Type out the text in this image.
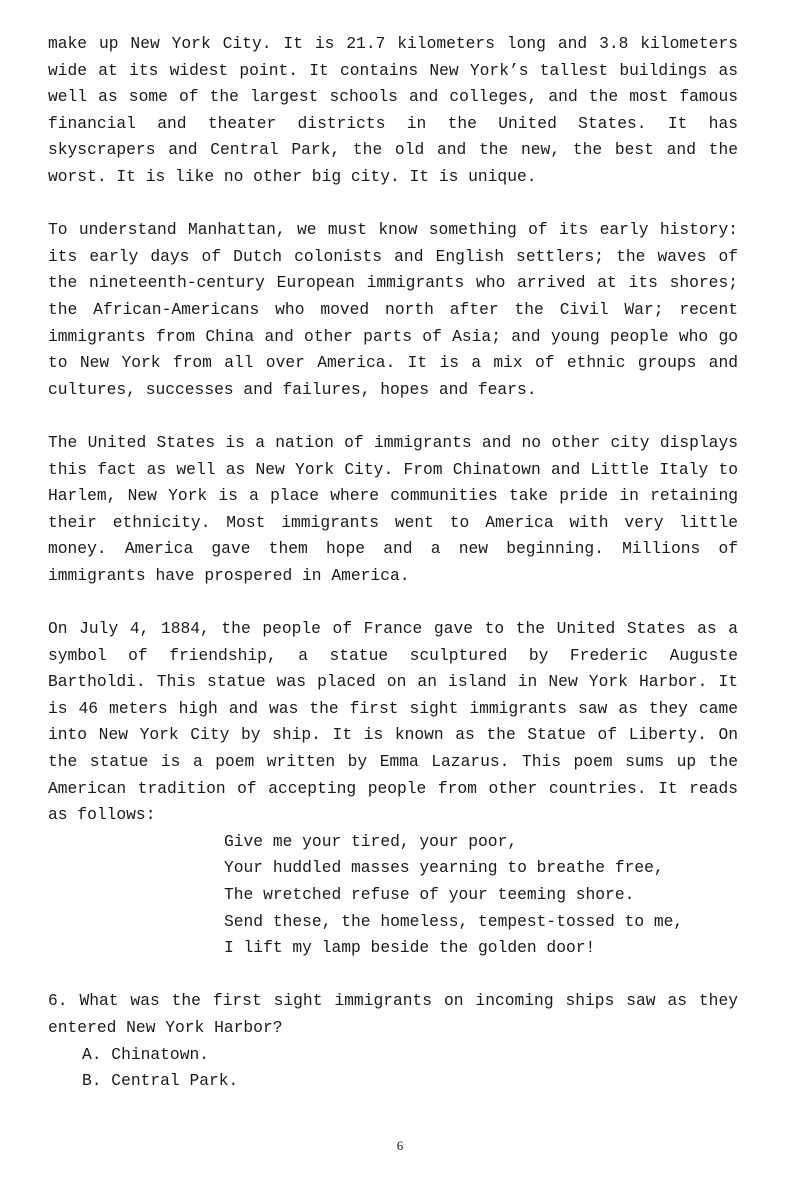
make up New York City. It is 21.7 kilometers long and 3.8 kilometers wide at its widest point. It contains New York’s tallest buildings as well as some of the largest schools and colleges, and the most famous financial and theater districts in the United States. It has skyscrapers and Central Park, the old and the new, the best and the worst. It is like no other big city. It is unique.

To understand Manhattan, we must know something of its early history: its early days of Dutch colonists and English settlers; the waves of the nineteenth-century European immigrants who arrived at its shores; the African-Americans who moved north after the Civil War; recent immigrants from China and other parts of Asia; and young people who go to New York from all over America. It is a mix of ethnic groups and cultures, successes and failures, hopes and fears.

The United States is a nation of immigrants and no other city displays this fact as well as New York City. From Chinatown and Little Italy to Harlem, New York is a place where communities take pride in retaining their ethnicity. Most immigrants went to America with very little money. America gave them hope and a new beginning. Millions of immigrants have prospered in America.

On July 4, 1884, the people of France gave to the United States as a symbol of friendship, a statue sculptured by Frederic Auguste Bartholdi. This statue was placed on an island in New York Harbor. It is 46 meters high and was the first sight immigrants saw as they came into New York City by ship. It is known as the Statue of Liberty. On the statue is a poem written by Emma Lazarus. This poem sums up the American tradition of accepting people from other countries. It reads as follows:

Give me your tired, your poor,
Your huddled masses yearning to breathe free,
The wretched refuse of your teeming shore.
Send these, the homeless, tempest-tossed to me,
I lift my lamp beside the golden door!

6. What was the first sight immigrants on incoming ships saw as they entered New York Harbor?

A. Chinatown.
B. Central Park.
6
